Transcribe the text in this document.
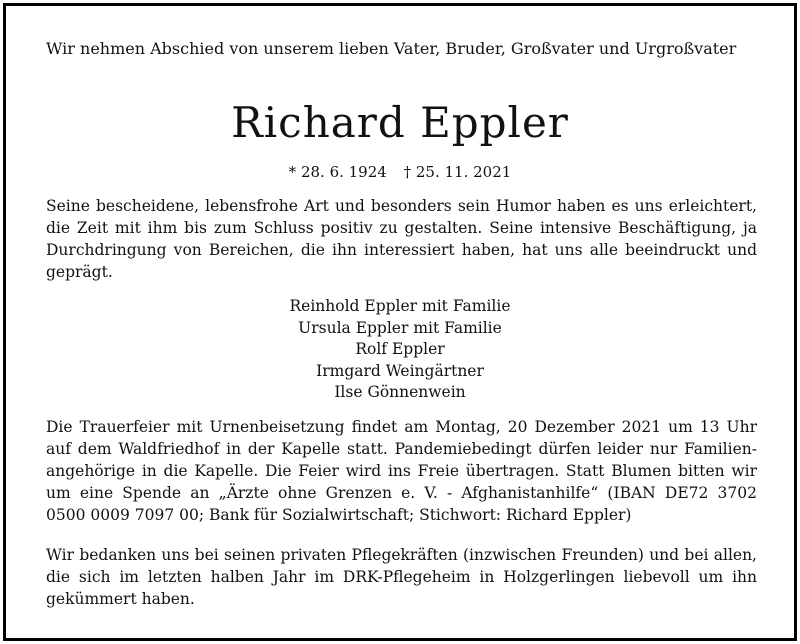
Wir nehmen Abschied von unserem lieben Vater, Bruder, Großvater und Urgroßvater
Richard Eppler
* 28. 6. 1924 † 25. 11. 2021
Seine bescheidene, lebensfrohe Art und besonders sein Humor haben es uns erleichtert,
die Zeit mit ihm bis zum Schluss positiv zu gestalten. Seine intensive Beschäftigung, ja
Durchdringung von Bereichen, die ihn interessiert haben, hat uns alle beeindruckt und
geprägt.
Reinhold Eppler mit Familie
Ursula Eppler mit Familie
Rolf Eppler
Irmgard Weingärtner
Ilse Gönnenwein
Die Trauerfeier mit Urnenbeisetzung findet am Montag, 20 Dezember 2021 um 13 Uhr
auf dem Waldfriedhof in der Kapelle statt. Pandemiebedingt dürfen leider nur Familien-
angehörige in die Kapelle. Die Feier wird ins Freie übertragen. Statt Blumen bitten wir
um eine Spende an „Ärzte ohne Grenzen e. V. - Afghanistanhilfe“ (IBAN DE72 3702
0500 0009 7097 00; Bank für Sozialwirtschaft; Stichwort: Richard Eppler)
Wir bedanken uns bei seinen privaten Pflegekräften (inzwischen Freunden) und bei allen,
die sich im letzten halben Jahr im DRK-Pflegeheim in Holzgerlingen liebevoll um ihn
gekümmert haben.
